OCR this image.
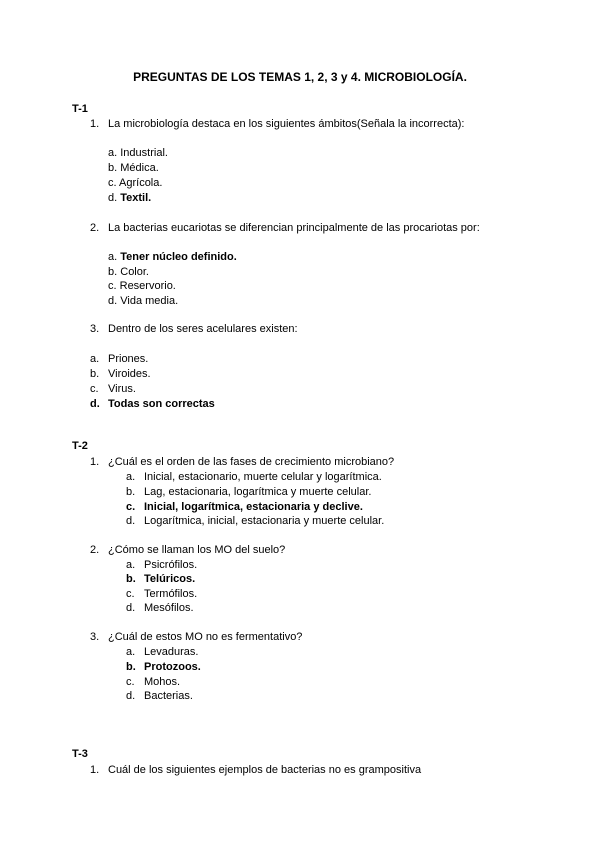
PREGUNTAS DE LOS TEMAS 1, 2, 3 y 4. MICROBIOLOGÍA.
T-1
1. La microbiología destaca en los siguientes ámbitos(Señala la incorrecta):
a. Industrial.
b. Médica.
c. Agrícola.
d. Textil.
2. La bacterias eucariotas se diferencian principalmente de las procariotas por:
a. Tener núcleo definido.
b. Color.
c. Reservorio.
d. Vida media.
3. Dentro de los seres acelulares existen:
a. Priones.
b. Viroides.
c. Virus.
d. Todas son correctas
T-2
1. ¿Cuál es el orden de las fases de crecimiento microbiano?
a. Inicial, estacionario, muerte celular y logarítmica.
b. Lag, estacionaria, logarítmica y muerte celular.
c. Inicial, logarítmica, estacionaria y declive.
d. Logarítmica, inicial, estacionaria y muerte celular.
2. ¿Cómo se llaman los MO del suelo?
a. Psicrófilos.
b. Telúricos.
c. Termófilos.
d. Mesófilos.
3. ¿Cuál de estos MO no es fermentativo?
a. Levaduras.
b. Protozoos.
c. Mohos.
d. Bacterias.
T-3
1. Cuál de los siguientes ejemplos de bacterias no es grampositiva
